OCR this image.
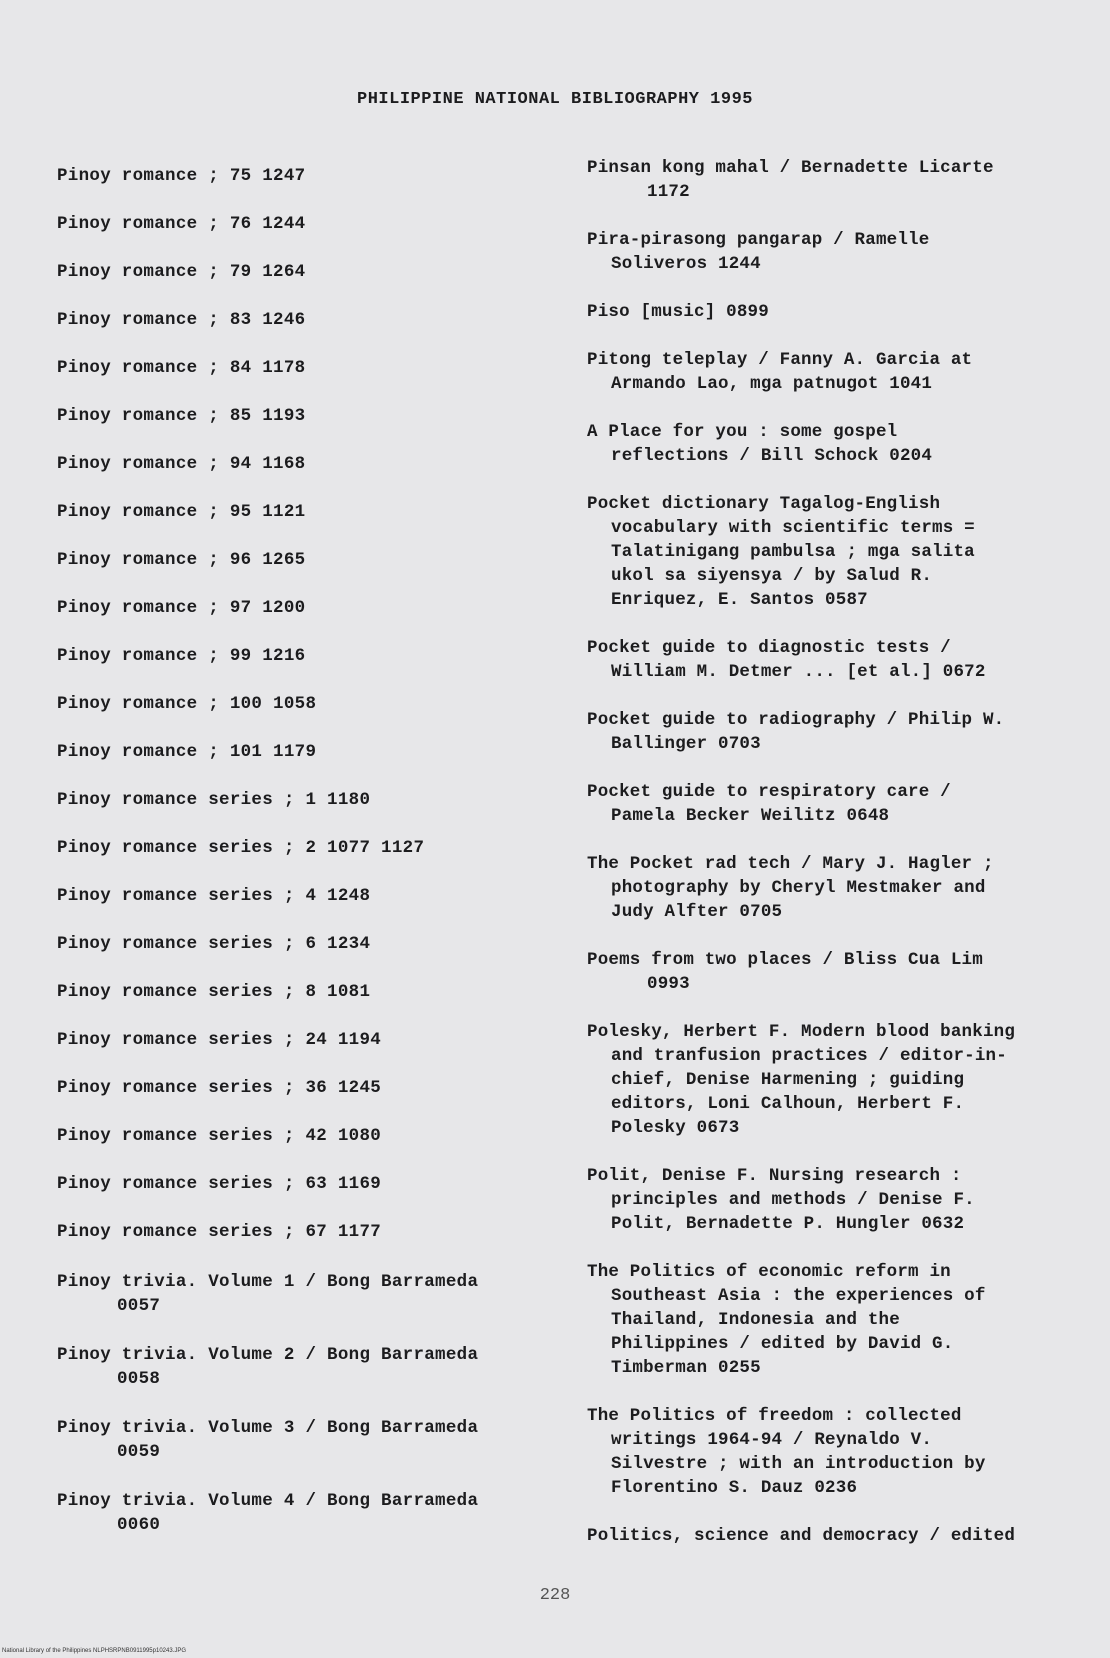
PHILIPPINE NATIONAL BIBLIOGRAPHY 1995
Pinoy romance ; 75 1247
Pinoy romance ; 76 1244
Pinoy romance ; 79 1264
Pinoy romance ; 83 1246
Pinoy romance ; 84 1178
Pinoy romance ; 85 1193
Pinoy romance ; 94 1168
Pinoy romance ; 95 1121
Pinoy romance ; 96 1265
Pinoy romance ; 97 1200
Pinoy romance ; 99 1216
Pinoy romance ; 100 1058
Pinoy romance ; 101 1179
Pinoy romance series ; 1 1180
Pinoy romance series ; 2 1077 1127
Pinoy romance series ; 4 1248
Pinoy romance series ; 6 1234
Pinoy romance series ; 8 1081
Pinoy romance series ; 24 1194
Pinoy romance series ; 36 1245
Pinoy romance series ; 42 1080
Pinoy romance series ; 63 1169
Pinoy romance series ; 67 1177
Pinoy trivia. Volume 1 / Bong Barrameda
0057
Pinoy trivia. Volume 2 / Bong Barrameda
0058
Pinoy trivia. Volume 3 / Bong Barrameda
0059
Pinoy trivia. Volume 4 / Bong Barrameda
0060
Pinsan kong mahal / Bernadette Licarte
1172
Pira-pirasong pangarap / Ramelle
Soliveros 1244
Piso [music] 0899
Pitong teleplay / Fanny A. Garcia at
Armando Lao, mga patnugot 1041
A Place for you : some gospel
reflections / Bill Schock 0204
Pocket dictionary Tagalog-English
vocabulary with scientific terms =
Talatinigang pambulsa ; mga salita
ukol sa siyensya / by Salud R.
Enriquez, E. Santos 0587
Pocket guide to diagnostic tests /
William M. Detmer ... [et al.] 0672
Pocket guide to radiography / Philip W.
Ballinger 0703
Pocket guide to respiratory care /
Pamela Becker Weilitz 0648
The Pocket rad tech / Mary J. Hagler ;
photography by Cheryl Mestmaker and
Judy Alfter 0705
Poems from two places / Bliss Cua Lim
0993
Polesky, Herbert F. Modern blood banking
and tranfusion practices / editor-in-
chief, Denise Harmening ; guiding
editors, Loni Calhoun, Herbert F.
Polesky 0673
Polit, Denise F. Nursing research :
principles and methods / Denise F.
Polit, Bernadette P. Hungler 0632
The Politics of economic reform in
Southeast Asia : the experiences of
Thailand, Indonesia and the
Philippines / edited by David G.
Timberman 0255
The Politics of freedom : collected
writings 1964-94 / Reynaldo V.
Silvestre ; with an introduction by
Florentino S. Dauz 0236
Politics, science and democracy / edited
228
National Library of the Philippines NLPHSRPNB0911995p10243.JPG
